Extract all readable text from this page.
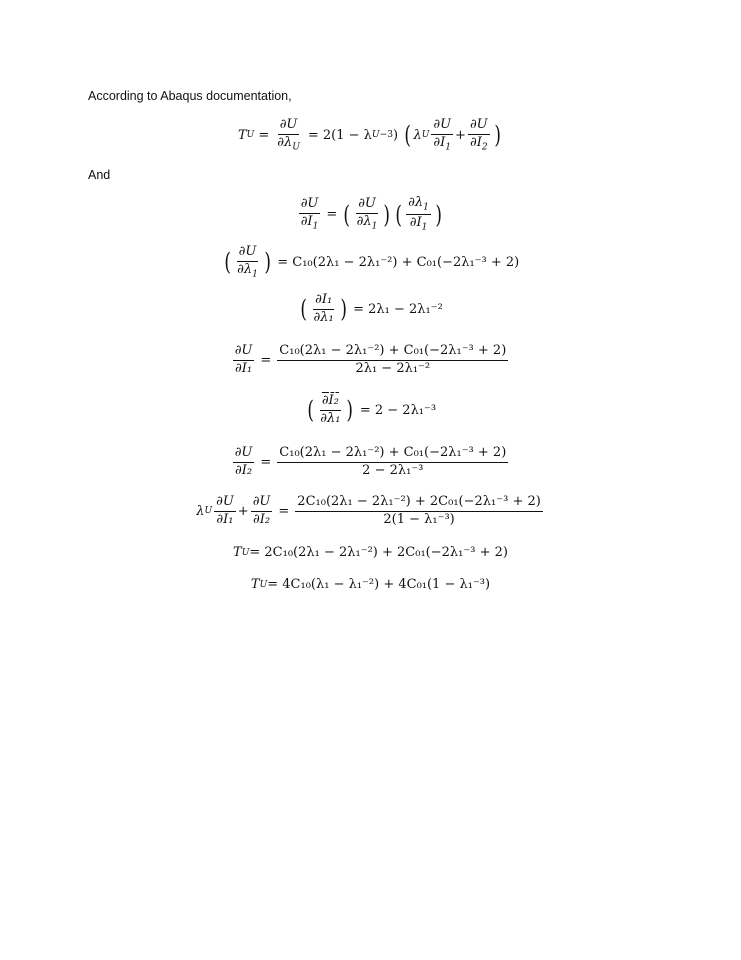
According to Abaqus documentation,
T $U = \frac{\partial U}{\partial\lambda_U} = 2(1 - \lambda$ U −3 ) ( λ U $\frac{\partial U}{\partial Ī_1} + \frac{\partial U}{\partial Ī_2}$ )
And
$\frac{\partial U}{\partial Ī_1}$ = ( $\frac{\partial U}{\partial\lambda_1}$ ) ( $\frac{\partial\lambda_1}{\partial Ī_1}$ )
( $\frac{\partial U}{\partial\lambda_1}$ ) = C₁₀(2λ₁ − 2λ₁⁻²) + C₀₁(−2λ₁⁻³ + 2)
( $\frac{\text{∂I₁}}{\text{∂λ₁}}$ ) = 2λ₁ − 2λ₁⁻²
$\frac{\partial U}{\text{∂Ī₁}} = \frac{\text{C₁₀(2λ₁ − 2λ₁⁻²) + C₀₁(−2λ₁⁻³ + 2)}}{\text{2λ₁ − 2λ₁⁻²}}$
( $\frac{\text{∂Ī₂}}{\text{∂λ₁}}$ ) = 2 − 2λ₁⁻³
$\frac{\partial U}{\text{∂I₂}} = \frac{\text{C₁₀(2λ₁ − 2λ₁⁻²) + C₀₁(−2λ₁⁻³ + 2)}}{\text{2 − 2λ₁⁻³}}$
λ U $\frac{\partial U}{\text{∂Ī₁}} + \frac{\partial U}{\text{∂Ī₂}} = \frac{\text{2C₁₀(2λ₁ − 2λ₁⁻²) + 2C₀₁(−2λ₁⁻³ + 2)}}{\text{2(1 − λ₁⁻³)}}$
T U = 2C₁₀(2λ₁ − 2λ₁⁻²) + 2C₀₁(−2λ₁⁻³ + 2)
T U = 4C₁₀(λ₁ − λ₁⁻²) + 4C₀₁(1 − λ₁⁻³)
